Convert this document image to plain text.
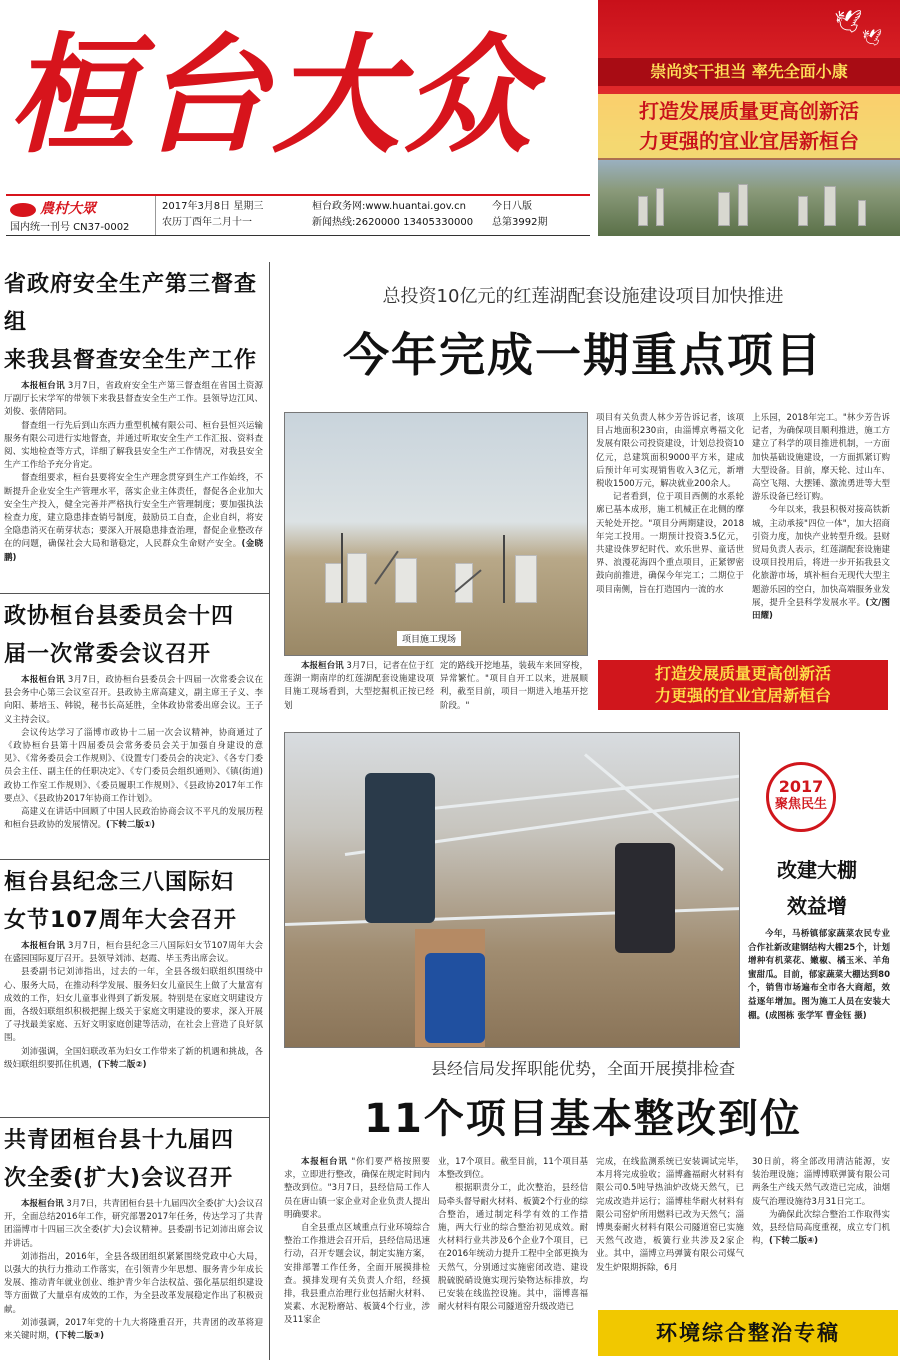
桓台大众
農村大眾
国内统一刊号 CN37-0002
2017年3月8日 星期三
农历丁酉年二月十一
桓台政务网:www.huantai.gov.cn
新闻热线:2620000 13405330000
今日八版
总第3992期
🕊
🕊
崇尚实干担当 率先全面小康
打造发展质量更高创新活
力更强的宜业宜居新桓台
省政府安全生产第三督查组
来我县督查安全生产工作

本报桓台讯 3月7日，省政府安全生产第三督查组在省国土资源厅副厅长宋学军的带领下来我县督查安全生产工作。县领导边江风、刘俊、张倩陪同。

督查组一行先后到山东西力重型机械有限公司、桓台县恒兴运输服务有限公司进行实地督查，并通过听取安全生产工作汇报、资料查阅、实地检查等方式，详细了解我县安全生产工作情况，对我县安全生产工作给予充分肯定。

督查组要求，桓台县要将安全生产理念贯穿到生产工作始终，不断提升企业安全生产管理水平，落实企业主体责任，督促各企业加大安全生产投入，健全完善并严格执行安全生产管理制度；要加强执法检查力度，建立隐患排查销号制度，鼓励员工自查，企业自纠，将安全隐患消灭在萌芽状态；要深入开展隐患排查治理，督促企业整改存在的问题，确保社会大局和谐稳定，人民群众生命财产安全。(金晓鹏)

政协桓台县委员会十四
届一次常委会议召开

本报桓台讯 3月7日，政协桓台县委员会十四届一次常委会议在县会务中心第三会议室召开。县政协主席高建义，副主席王子义、李向阳、綦培玉、韩锐，秘书长高延胜，全体政协常委出席会议。王子义主持会议。

会议传达学习了淄博市政协十二届一次会议精神，协商通过了《政协桓台县第十四届委员会常务委员会关于加强自身建设的意见》、《常务委员会工作规则》、《设置专门委员会的决定》、《各专门委员会主任、副主任的任职决定》、《专门委员会组织通则》、《镇(街道)政协工作室工作规则》、《委员履职工作规则》、《县政协2017年工作要点》、《县政协2017年协商工作计划》。

高建义在讲话中回顾了中国人民政治协商会议不平凡的发展历程和桓台县政协的发展情况。(下转二版①)

桓台县纪念三八国际妇
女节107周年大会召开

本报桓台讯 3月7日，桓台县纪念三八国际妇女节107周年大会在盛园国际夏厅召开。县领导刘沛、赵霞、毕玉秀出席会议。

县委副书记刘沛指出，过去的一年，全县各级妇联组织围绕中心、服务大局，在推动科学发展、服务妇女儿童民生上做了大量富有成效的工作，妇女儿童事业得到了新发展。特别是在家庭文明建设方面，各级妇联组织积极把握上级关于家庭文明建设的要求，深入开展了寻找最美家庭、五好文明家庭创建等活动，在社会上营造了良好氛围。

刘沛强调，全国妇联改革为妇女工作带来了新的机遇和挑战，各级妇联组织要抓住机遇，(下转二版②)

共青团桓台县十九届四
次全委(扩大)会议召开

本报桓台讯 3月7日，共青团桓台县十九届四次全委(扩大)会议召开，全面总结2016年工作，研究部署2017年任务，传达学习了共青团淄博市十四届三次全委(扩大)会议精神。县委副书记刘沛出席会议并讲话。

刘沛指出，2016年，全县各级团组织紧紧围绕党政中心大局，以强大的执行力推动工作落实，在引领青少年思想、服务青少年成长发展、推动青年就业创业、维护青少年合法权益、强化基层组织建设等方面做了大量卓有成效的工作，为全县改革发展稳定作出了积极贡献。

刘沛强调，2017年党的十九大将隆重召开，共青团的改革将迎来关键时期，(下转二版③)

总投资10亿元的红莲湖配套设施建设项目加快推进
今年完成一期重点项目
项目施工现场

本报桓台讯 3月7日，记者在位于红莲湖一期南岸的红莲湖配套设施建设项目施工现场看到，大型挖掘机正按已经划

定的路线开挖地基，装载车来回穿梭，异常繁忙。"项目自开工以来，进展顺利，截至目前，项目一期进入地基开挖阶段。"

项目有关负责人林少芳告诉记者，该项目占地面积230亩，由淄博京粤福文化发展有限公司投资建设，计划总投资10亿元，总建筑面积9000平方米，建成后预计年可实现销售收入3亿元，新增税收1500万元，解决就业200余人。

记者看到，位于项目西侧的水系轮廓已基本成形，施工机械正在北侧的摩天轮处开挖。"项目分两期建设，2018年完工投用。一期预计投资3.5亿元，共建设侏罗纪时代、欢乐世界、童话世界、浪漫花海四个重点项目，正紧锣密鼓向前推进，确保今年完工；二期位于项目南侧，旨在打造国内一流的水

上乐园，2018年完工。"林少芳告诉记者，为确保项目顺利推进，施工方建立了科学的项目推进机制，一方面加快基础设施建设，一方面抓紧订购大型设备。目前，摩天轮、过山车、高空飞翔、大摆锤、激流勇进等大型游乐设备已经订购。

今年以来，我县积极对接高铁新城，主动承接"四位一体"，加大招商引资力度，加快产业转型升级。县财贸局负责人表示，红莲湖配套设施建设项目投用后，将进一步开拓我县文化旅游市场，填补桓台无现代大型主题游乐园的空白，加快高端服务业发展，提升全县科学发展水平。(文/图 田耀)

打造发展质量更高创新活
力更强的宜业宜居新桓台
2017
聚焦民生
改建大棚
效益增
今年，马桥镇郁家蔬菜农民专业合作社新改建钢结构大棚25个，计划增种有机菜花、嫩椒、橘玉米、羊角蜜甜瓜。目前，郁家蔬菜大棚达到80个，销售市场遍布全市各大商超，效益逐年增加。图为施工人员在安装大棚。(成图栋 张学军 曹金钰 摄)
县经信局发挥职能优势，全面开展摸排检查
11个项目基本整改到位

本报桓台讯 "你们要严格按照要求，立即进行整改，确保在规定时间内整改到位。"3月7日，县经信局工作人员在唐山镇一家企业对企业负责人提出明确要求。

自全县重点区域重点行业环境综合整治工作推进会召开后，县经信局迅速行动，召开专题会议，制定实施方案，安排部署工作任务，全面开展摸排检查。摸排发现有关负责人介绍，经摸排，我县重点治理行业包括耐火材料、炭素、水泥粉磨站、板簧4个行业，涉及11家企

业，17个项目。截至目前，11个项目基本整改到位。

根据职责分工，此次整治，县经信局牵头督导耐火材料、板簧2个行业的综合整治，通过制定科学有效的工作措施，两大行业的综合整治初见成效。耐火材料行业共涉及6个企业7个项目，已在2016年统动力提升工程中全部更换为天然气，分别通过实施密闭改造、建设脱硫脱硝设施实现污染物达标排放，均已安装在线监控设施。其中，淄博喜福耐火材料有限公司隧道窑升级改造已

完成，在线监测系统已安装调试完毕，本月将完成验收；淄博鑫福耐火材料有限公司0.5吨导热油炉改烧天然气，已完成改造并运行；淄博桂华耐火材料有限公司窑炉所用燃料已改为天然气；淄博奥泰耐火材料有限公司隧道窑已实施天然气改造，板簧行业共涉及2家企业。其中，淄博立玛弹簧有限公司煤气发生炉限期拆除，6月

30日前，将全部改用清洁能源，安装治理设施；淄博博联弹簧有限公司两条生产线天然气改造已完成，油烟废气治理设施待3月31日完工。

为确保此次综合整治工作取得实效，县经信局高度重视，成立专门机构，(下转二版④)

环境综合整治专稿
